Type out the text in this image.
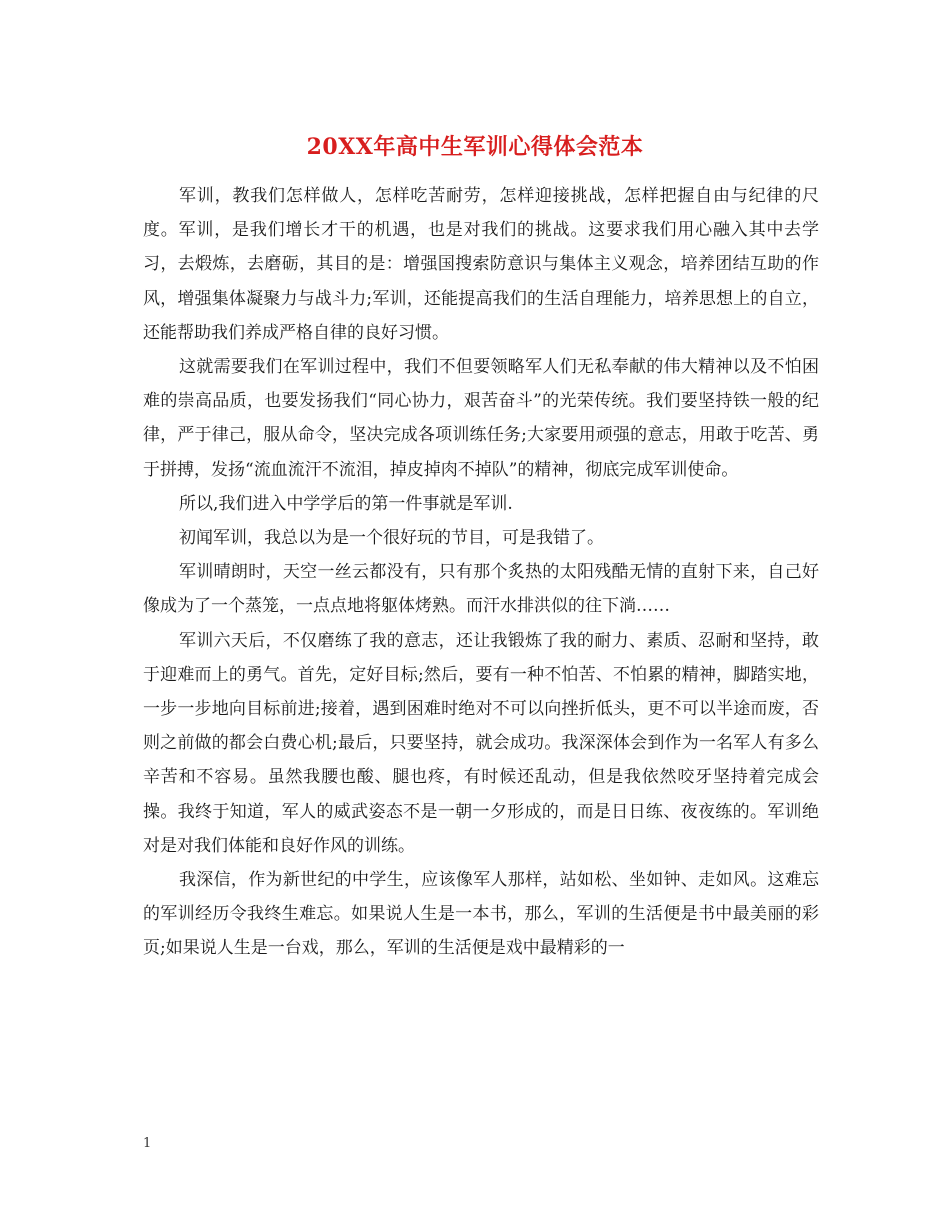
20XX年高中生军训心得体会范本

军训，教我们怎样做人，怎样吃苦耐劳，怎样迎接挑战，怎样把握自由与纪律的尺度。军训，是我们增长才干的机遇，也是对我们的挑战。这要求我们用心融入其中去学习，去煅炼，去磨砺，其目的是：增强国搜索防意识与集体主义观念，培养团结互助的作风，增强集体凝聚力与战斗力;军训，还能提高我们的生活自理能力，培养思想上的自立，还能帮助我们养成严格自律的良好习惯。

这就需要我们在军训过程中，我们不但要领略军人们无私奉献的伟大精神以及不怕困难的崇高品质，也要发扬我们“同心协力，艰苦奋斗”的光荣传统。我们要坚持铁一般的纪律，严于律己，服从命令，坚决完成各项训练任务;大家要用顽强的意志，用敢于吃苦、勇于拼搏，发扬“流血流汗不流泪，掉皮掉肉不掉队”的精神，彻底完成军训使命。

所以,我们进入中学学后的第一件事就是军训.

初闻军训，我总以为是一个很好玩的节目，可是我错了。

军训晴朗时，天空一丝云都没有，只有那个炙热的太阳残酷无情的直射下来，自己好像成为了一个蒸笼，一点点地将躯体烤熟。而汗水排洪似的往下淌……

军训六天后，不仅磨练了我的意志，还让我锻炼了我的耐力、素质、忍耐和坚持，敢于迎难而上的勇气。首先，定好目标;然后，要有一种不怕苦、不怕累的精神，脚踏实地，一步一步地向目标前进;接着，遇到困难时绝对不可以向挫折低头，更不可以半途而废，否则之前做的都会白费心机;最后，只要坚持，就会成功。我深深体会到作为一名军人有多么辛苦和不容易。虽然我腰也酸、腿也疼，有时候还乱动，但是我依然咬牙坚持着完成会操。我终于知道，军人的威武姿态不是一朝一夕形成的，而是日日练、夜夜练的。军训绝对是对我们体能和良好作风的训练。

我深信，作为新世纪的中学生，应该像军人那样，站如松、坐如钟、走如风。这难忘的军训经历令我终生难忘。如果说人生是一本书，那么，军训的生活便是书中最美丽的彩页;如果说人生是一台戏，那么，军训的生活便是戏中最精彩的一

1
